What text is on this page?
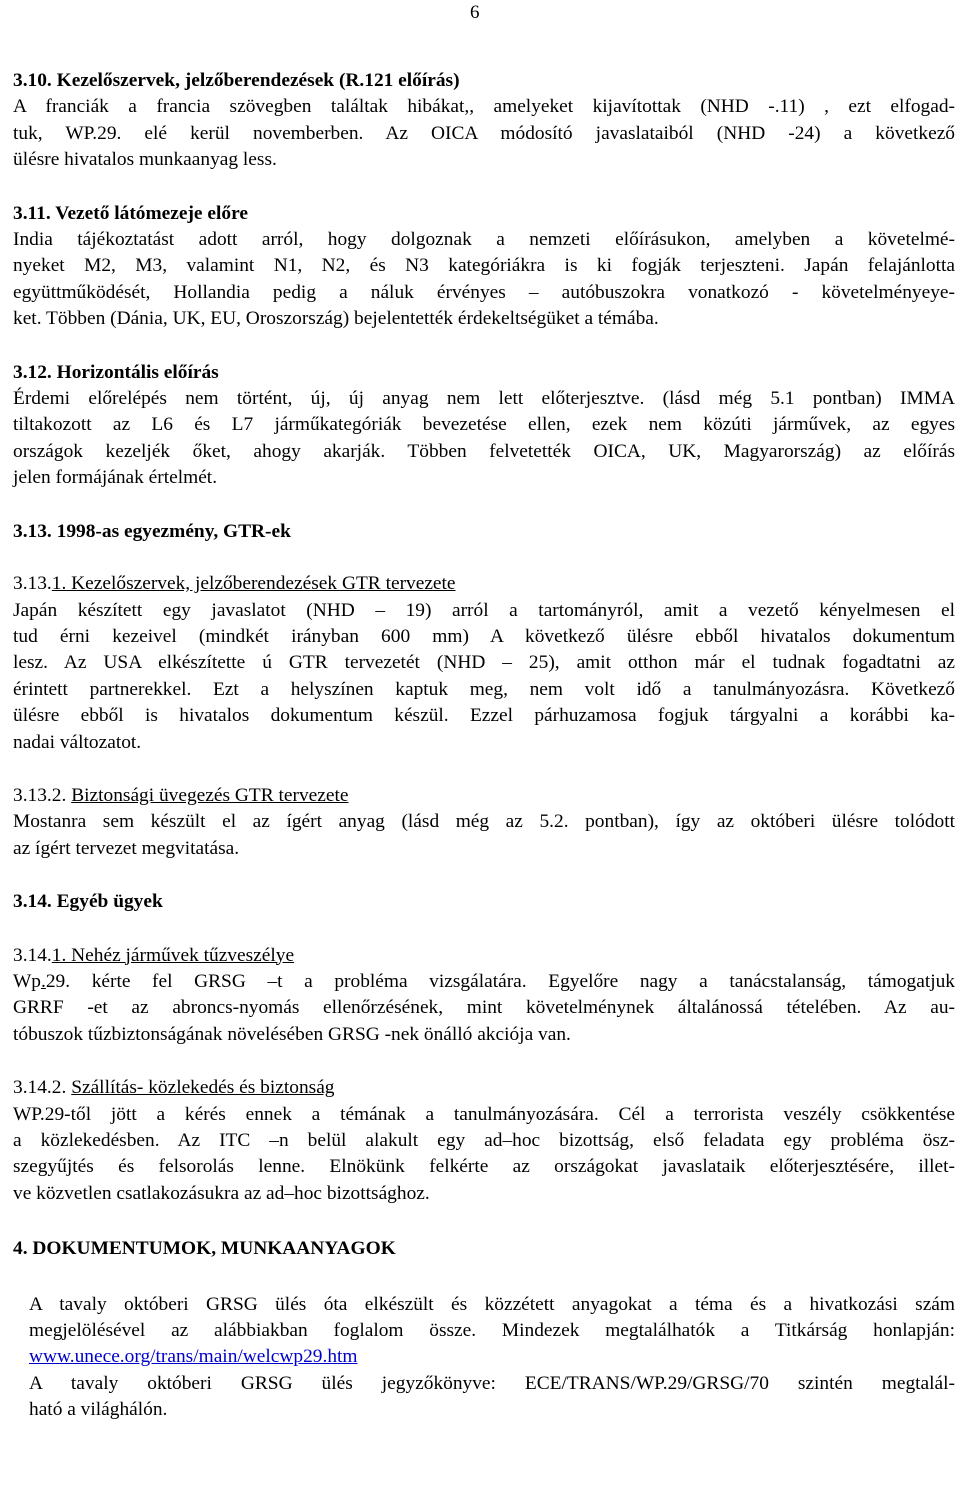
6
3.10. Kezelőszervek, jelzőberendezések (R.121 előírás)
A franciák a francia szövegben találtak hibákat,, amelyeket kijavítottak (NHD -.11) , ezt elfogad-
tuk, WP.29. elé kerül novemberben. Az OICA módosító javaslataiból (NHD -24) a következő
ülésre hivatalos munkaanyag less.
3.11. Vezető látómezeje előre
India tájékoztatást adott arról, hogy dolgoznak a nemzeti előírásukon, amelyben a követelmé-
nyeket M2, M3, valamint N1, N2, és N3 kategóriákra is ki fogják terjeszteni. Japán felajánlotta
együttműködését, Hollandia pedig a náluk érvényes – autóbuszokra vonatkozó - követelményeye-
ket. Többen (Dánia, UK, EU, Oroszország) bejelentették érdekeltségüket a témába.
3.12. Horizontális előírás
Érdemi előrelépés nem történt, új, új anyag nem lett előterjesztve. (lásd még 5.1 pontban) IMMA
tiltakozott az L6 és L7 járműkategóriák bevezetése ellen, ezek nem közúti járművek, az egyes
országok kezeljék őket, ahogy akarják. Többen felvetették OICA, UK, Magyarország) az előírás
jelen formájának értelmét.
3.13. 1998-as egyezmény, GTR-ek
3.13.1. Kezelőszervek, jelzőberendezések GTR tervezete
Japán készített egy javaslatot (NHD – 19) arról a tartományról, amit a vezető kényelmesen el
tud érni kezeivel (mindkét irányban 600 mm) A következő ülésre ebből hivatalos dokumentum
lesz. Az USA elkészítette ú GTR tervezetét (NHD – 25), amit otthon már el tudnak fogadtatni az
érintett partnerekkel. Ezt a helyszínen kaptuk meg, nem volt idő a tanulmányozásra. Következő
ülésre ebből is hivatalos dokumentum készül. Ezzel párhuzamosa fogjuk tárgyalni a korábbi ka-
nadai változatot.
3.13.2. Biztonsági üvegezés GTR tervezete
Mostanra sem készült el az ígért anyag (lásd még az 5.2. pontban), így az októberi ülésre tolódott
az ígért tervezet megvitatása.
3.14. Egyéb ügyek
3.14.1. Nehéz járművek tűzveszélye
Wp.29. kérte fel GRSG –t a probléma vizsgálatára. Egyelőre nagy a tanácstalanság, támogatjuk
GRRF -et az abroncs-nyomás ellenőrzésének, mint követelménynek általánossá tételében. Az au-
tóbuszok tűzbiztonságának növelésében GRSG -nek önálló akciója van.
3.14.2. Szállítás- közlekedés és biztonság
WP.29-től jött a kérés ennek a témának a tanulmányozására. Cél a terrorista veszély csökkentése
a közlekedésben. Az ITC –n belül alakult egy ad–hoc bizottság, első feladata egy probléma ösz-
szegyűjtés és felsorolás lenne. Elnökünk felkérte az országokat javaslataik előterjesztésére, illet-
ve közvetlen csatlakozásukra az ad–hoc bizottsághoz.
4. DOKUMENTUMOK, MUNKAANYAGOK
A tavaly októberi GRSG ülés óta elkészült és közzétett anyagokat a téma és a hivatkozási szám
megjelölésével az alábbiakban foglalom össze. Mindezek megtalálhatók a Titkárság honlapján:
www.unece.org/trans/main/welcwp29.htm
A tavaly októberi GRSG ülés jegyzőkönyve: ECE/TRANS/WP.29/GRSG/70 szintén megtalál-
ható a világhálón.
